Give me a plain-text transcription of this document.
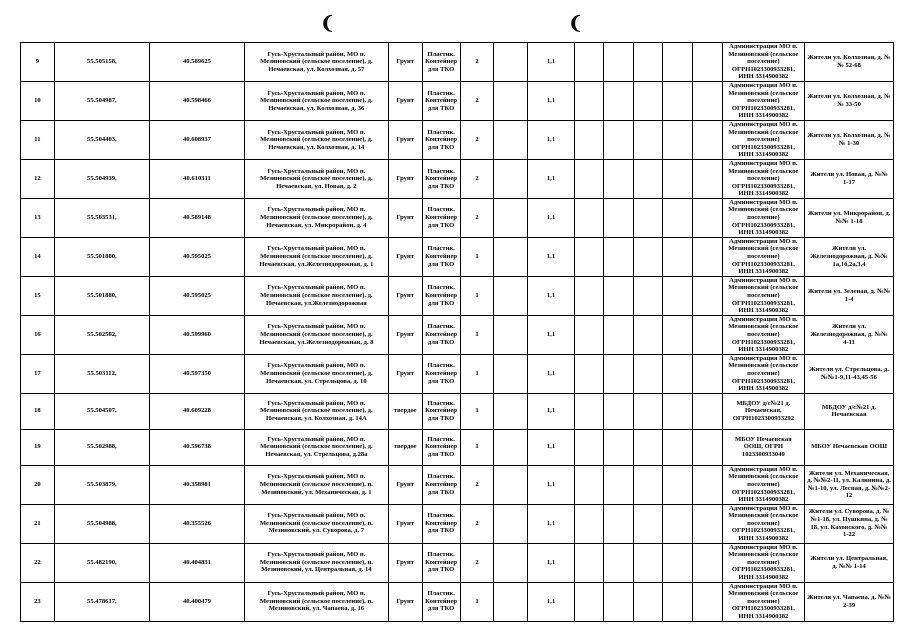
❨	❨
9	55.505158,	40.589625	Гусь-Хрустальный район, МО п. Мезиновский (сельское поселение), д. Нечаевская, ул. Колхозная, д. 57	Грунт	Пластик. Контейнер для ТКО	2		1,1						Администрация МО п. Мезиновский (сельское поселение) ОГРН1023300933281, ИНН 3314900382	Жители ул. Колхозная, д. № № 52-68
10	55.504987,	40.598466	Гусь-Хрустальный район, МО п. Мезиновский (сельское поселение), д. Нечаевская, ул. Колхозная, д. 36	Грунт	Пластик. Контейнер для ТКО	2		1,1						Администрация МО п. Мезиновский (сельское поселение) ОГРН1023300933281, ИНН 3314900382	Жители ул. Колхозная, д. № № 33-50
11	55.504403,	40.608937	Гусь-Хрустальный район, МО п. Мезиновский (сельское поселение), д. Нечаевская, ул. Колхозная, д. 14	Грунт	Пластик. Контейнер для ТКО	2		1,1						Администрация МО п. Мезиновский (сельское поселение) ОГРН1023300933281, ИНН 3314900382	Жители ул. Колхозная, д. № № 1-30
12	55.504939,	40.610311	Гусь-Хрустальный район, МО п. Мезиновский (сельское поселение), д. Нечаевская, ул. Новая, д. 2	Грунт	Пластик. Контейнер для ТКО	2		1,1						Администрация МО п. Мезиновский (сельское поселение) ОГРН1023300933281, ИНН 3314900382	Жители ул. Новая, д. №№ 1-17
13	55.503531,	40.589148	Гусь-Хрустальный район, МО п. Мезиновский (сельское поселение), д. Нечаевская, ул. Микрорайон, д. 4	Грунт	Пластик. Контейнер для ТКО	2		1,1						Администрация МО п. Мезиновский (сельское поселение) ОГРН1023300933281, ИНН 3314900382	Жители ул. Микрорайон, д. №№ 1-18
14	55.501880,	40.595025	Гусь-Хрустальный район, МО п. Мезиновский (сельское поселение), д. Нечаевская, ул.Железнодорожная, д. 1	Грунт	Пластик. Контейнер для ТКО	1		1,1						Администрация МО п. Мезиновский (сельское поселение) ОГРН1023300933281, ИНН 3314900382	Жители ул. Железнодорожная, д. №№ 1а,1б,2а,3,4
15	55.501880,	40.595025	Гусь-Хрустальный район, МО п. Мезиновский (сельское поселение), д. Нечаевская, ул.Железнодорожная	Грунт	Пластик. Контейнер для ТКО	1		1,1						Администрация МО п. Мезиновский (сельское поселение) ОГРН1023300933281, ИНН 3314900382	Жители ул. Зеленая, д. №№ 1-4
16	55.502502,	40.599960	Гусь-Хрустальный район, МО п. Мезиновский (сельское поселение), д. Нечаевская, ул.Железнодорожная, д. 8	Грунт	Пластик. Контейнер для ТКО	1		1,1						Администрация МО п. Мезиновский (сельское поселение) ОГРН1023300933281, ИНН 3314900382	Жители ул. Железнодорожная, д. №№ 4-11
17	55.503112,	40.597350	Гусь-Хрустальный район, МО п. Мезиновский (сельское поселение), д. Нечаевская, ул. Стрельцова, д. 10	Грунт	Пластик. Контейнер для ТКО	1		1,1						Администрация МО п. Мезиновский (сельское поселение) ОГРН1023300933281, ИНН 3314900382	Жители ул. Стрельцова, д. №№1-9,11-43,45-56
18	55.504507,	40.609228	Гусь-Хрустальный район, МО п. Мезиновский (сельское поселение), д. Нечаевская, ул. Колхозная, д. 14А	твердое	Пластик. Контейнер для ТКО	1		1,1						МБДОУ д/с№21 д. Нечаевская, ОГРН1023300933292	МБДОУ д/с№21 д. Нечаевская
19	55.502988,	40.596738	Гусь-Хрустальный район, МО п. Мезиновский (сельское поселение), д. Нечаевская, ул. Стрельцова, д.28а	твердое	Пластик. Контейнер для ТКО	1		1,1						МБОУ Нечаевская ООШ, ОГРН 1023300933040	МБОУ Нечаевская ООШ
20	55.503879,	40.358981	Гусь-Хрустальный район, МО п. Мезиновский (сельское поселение), п. Мезиновский, ул. Механическая, д. 1	Грунт	Пластик. Контейнер для ТКО	2		1,1						Администрация МО п. Мезиновский (сельское поселение) ОГРН1023300933281, ИНН 3314900382	Жители ул. Механическая, д. №№2-11, ул. Калинина, д. №1-10, ул. Лесная, д. №№2-12
21	55.504988,	40.355526	Гусь-Хрустальный район, МО п. Мезиновский (сельское поселение), п. Мезиновский, ул. Суворова, д. 7	Грунт	Пластик. Контейнер для ТКО	2		1,1						Администрация МО п. Мезиновский (сельское поселение) ОГРН1023300933281, ИНН 3314900382	Жители ул. Суворова, д. № №1-18, ул. Пушкина, д. № 18, ул. Каховского, д. №№ 1-22
22	55.482190,	40.404831	Гусь-Хрустальный район, МО п. Мезиновский (сельское поселение), п. Мезиновский, ул. Центральная, д. 14	Грунт	Пластик. Контейнер для ТКО	2		1,1						Администрация МО п. Мезиновский (сельское поселение) ОГРН1023300933281, ИНН 3314900382	Жители ул. Центральная, д. №№ 1-14
23	55.478617,	40.400479	Гусь-Хрустальный район, МО п. Мезиновский (сельское поселение), п. Мезиновский, ул. Чапаева, д. 16	Грунт	Пластик. Контейнер для ТКО	1		1,1						Администрация МО п. Мезиновский (сельское поселение) ОГРН1023300933281, ИНН 3314900382	Жители ул. Чапаева, д. №№ 2-39
